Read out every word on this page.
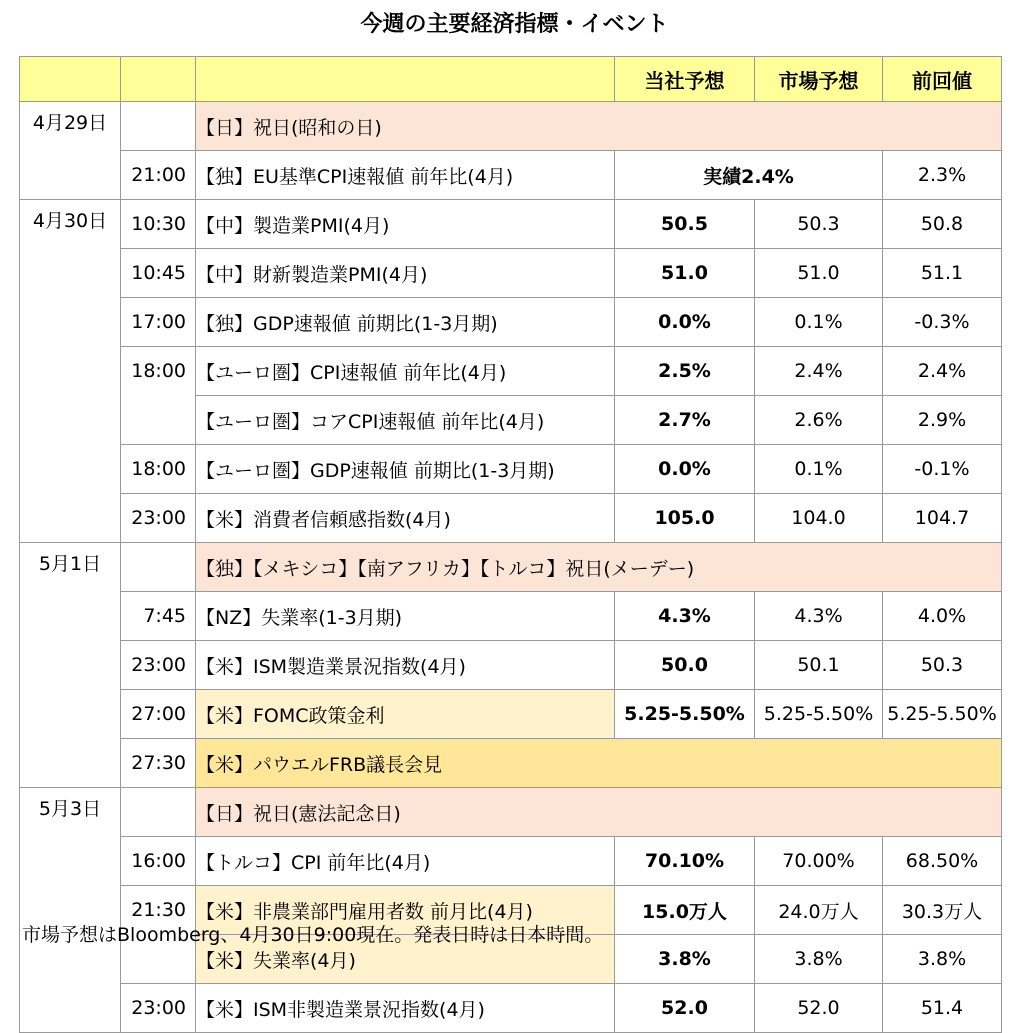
今週の主要経済指標・イベント
			当社予想	市場予想	前回値
4月29日		【日】祝日(昭和の日)			
	21:00	【独】EU基準CPI速報値 前年比(4月)	実績2.4%		2.3%
4月30日	10:30	【中】製造業PMI(4月)	50.5	50.3	50.8
	10:45	【中】財新製造業PMI(4月)	51.0	51.0	51.1
	17:00	【独】GDP速報値 前期比(1-3月期)	0.0%	0.1%	-0.3%
	18:00	【ユーロ圏】CPI速報値 前年比(4月)	2.5%	2.4%	2.4%
		【ユーロ圏】コアCPI速報値 前年比(4月)	2.7%	2.6%	2.9%
	18:00	【ユーロ圏】GDP速報値 前期比(1-3月期)	0.0%	0.1%	-0.1%
	23:00	【米】消費者信頼感指数(4月)	105.0	104.0	104.7
5月1日		【独】【メキシコ】【南アフリカ】【トルコ】祝日(メーデー)			
	7:45	【NZ】失業率(1-3月期)	4.3%	4.3%	4.0%
	23:00	【米】ISM製造業景況指数(4月)	50.0	50.1	50.3
	27:00	【米】FOMC政策金利	5.25-5.50%	5.25-5.50%	5.25-5.50%
	27:30	【米】パウエルFRB議長会見			
5月3日		【日】祝日(憲法記念日)			
	16:00	【トルコ】CPI 前年比(4月)	70.10%	70.00%	68.50%
	21:30	【米】非農業部門雇用者数 前月比(4月)	15.0万人	24.0万人	30.3万人
		【米】失業率(4月)	3.8%	3.8%	3.8%
	23:00	【米】ISM非製造業景況指数(4月)	52.0	52.0	51.4
市場予想はBloomberg、4月30日9:00現在。発表日時は日本時間。
